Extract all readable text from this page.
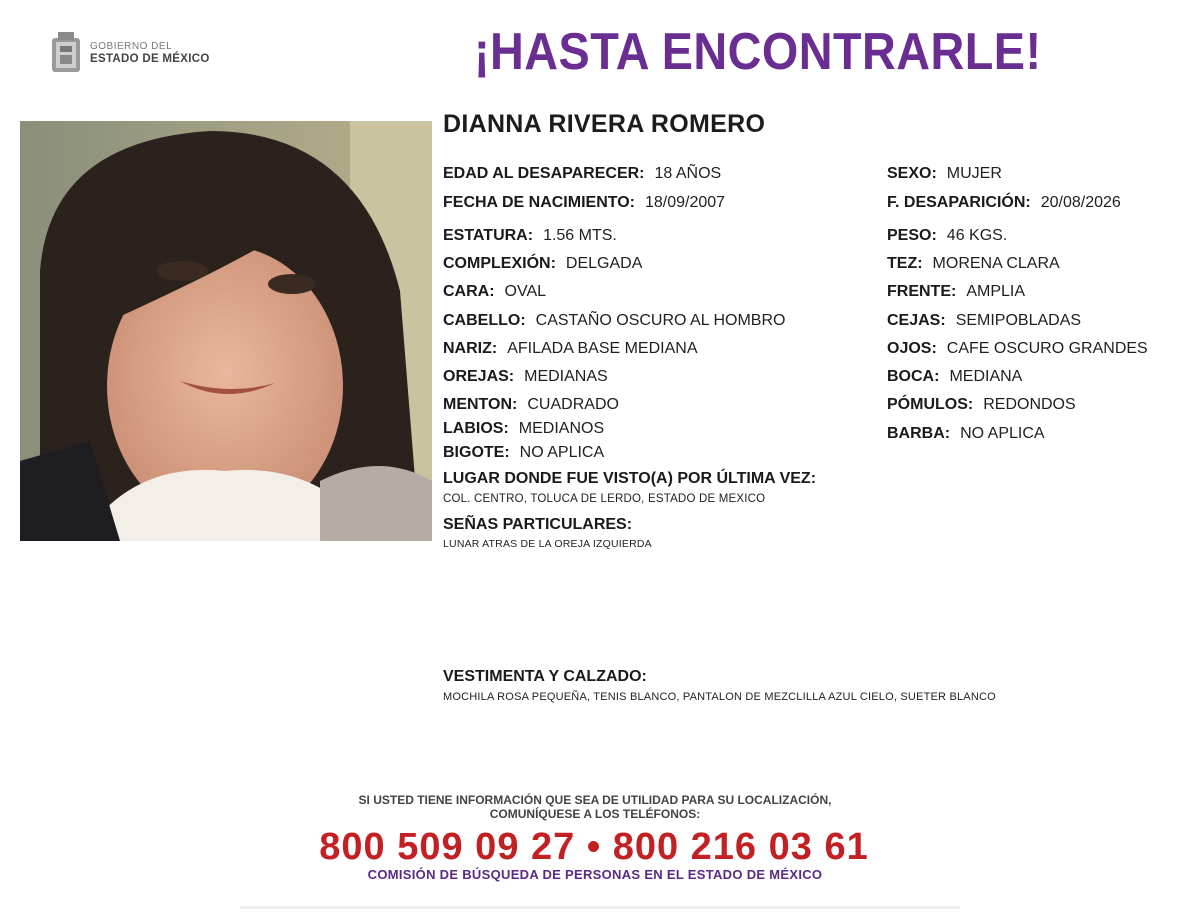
GOBIERNO DEL
ESTADO DE MÉXICO	¡HASTA ENCONTRARLE!
DIANNA RIVERA ROMERO
EDAD AL DESAPARECER: 18 AÑOS
FECHA DE NACIMIENTO: 18/09/2007
ESTATURA: 1.56 MTS.
COMPLEXIÓN: DELGADA
CARA: OVAL
CABELLO: CASTAÑO OSCURO AL HOMBRO
NARIZ: AFILADA BASE MEDIANA
OREJAS: MEDIANAS
MENTON: CUADRADO
LABIOS: MEDIANOS
BIGOTE: NO APLICA
SEXO: MUJER
F. DESAPARICIÓN: 20/08/2026
PESO: 46 KGS.
TEZ: MORENA CLARA
FRENTE: AMPLIA
CEJAS: SEMIPOBLADAS
OJOS: CAFE OSCURO GRANDES
BOCA: MEDIANA
PÓMULOS: REDONDOS
BARBA: NO APLICA
LUGAR DONDE FUE VISTO(A) POR ÚLTIMA VEZ:
COL. CENTRO, TOLUCA DE LERDO, ESTADO DE MEXICO
SEÑAS PARTICULARES:
LUNAR ATRAS DE LA OREJA IZQUIERDA
VESTIMENTA Y CALZADO:
MOCHILA ROSA PEQUEÑA, TENIS BLANCO, PANTALON DE MEZCLILLA AZUL CIELO, SUETER BLANCO
SI USTED TIENE INFORMACIÓN QUE SEA DE UTILIDAD PARA SU LOCALIZACIÓN,
COMUNÍQUESE A LOS TELÉFONOS:
800 509 09 27 • 800 216 03 61
COMISIÓN DE BÚSQUEDA DE PERSONAS EN EL ESTADO DE MÉXICO
